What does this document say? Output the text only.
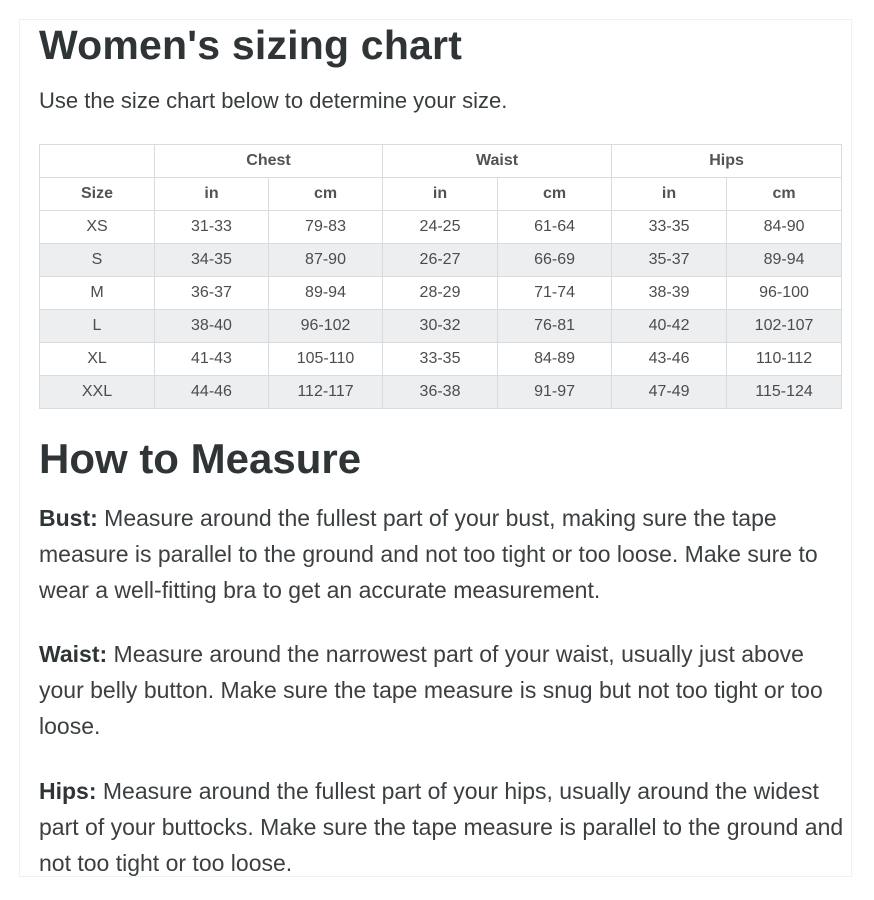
Women's sizing chart

Use the size chart below to determine your size.

	Chest		Waist		Hips	
Size	in	cm	in	cm	in	cm
XS	31-33	79-83	24-25	61-64	33-35	84-90
S	34-35	87-90	26-27	66-69	35-37	89-94
M	36-37	89-94	28-29	71-74	38-39	96-100
L	38-40	96-102	30-32	76-81	40-42	102-107
XL	41-43	105-110	33-35	84-89	43-46	110-112
XXL	44-46	112-117	36-38	91-97	47-49	115-124
How to Measure

Bust: Measure around the fullest part of your bust, making sure the tape measure is parallel to the ground and not too tight or too loose. Make sure to wear a well-fitting bra to get an accurate measurement.

Waist: Measure around the narrowest part of your waist, usually just above your belly button. Make sure the tape measure is snug but not too tight or too loose.

Hips: Measure around the fullest part of your hips, usually around the widest part of your buttocks. Make sure the tape measure is parallel to the ground and not too tight or too loose.
